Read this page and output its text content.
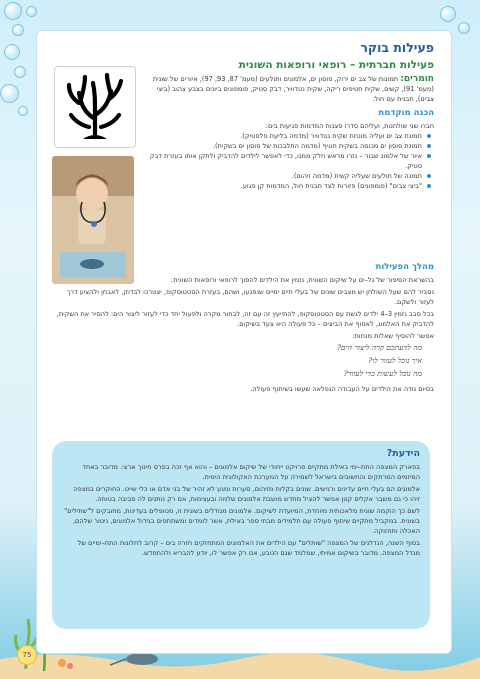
פעילות בוקר
פעילות חברתית – רופאי ורופאות השונית

חומרים: תמונות של צב ים ירוק, סוסון ים, אלמוגים ותולעים (מעמ' 87, 93, 97), איורים של שונית (מעמ' 91), קשים, שקית חטיפים ריקה, שקית נטדוויר, דבק סטיק, פומפונים ביונים בצבע צהוב (ביצי צבים), תבנית עם חול.

הכנה מוקדמת

חברו שני שולחנות, ועליהם סדרו סצנות המדמות פגיעות בים:

תמונת צב ים ועליה מונחת שקית נטדוויר (מדמה בליעת פלסטיק).
תמונת סוסון ים מכוסה בשקית חטיף (מדמה התלבכות של סוסון ים בשקית).
איור של אלמוג שבור – גזרו מראש חלק ממנו, כדי לאפשר לילדים להדביק ולתקן אותו בעזרת דבק סטיק.
תמונה של תולעים שעליה קשית (מדמה זיהום).
"ביצי צבים" (פומפונים) פזורות לצד תבנית חול, המדמות קן פגוע.
מהלך הפעילות

בהשראת הסיפור של גל–ים על שיקום השונית, נזמין את הילדים להפוך לרופאי ורופאות השונית.

נסביר להם שעל השולחן יש מצבים שונים של בעלי חיים ימיים שנפגעו, ושהם, בעזרת הסטטוסקופ, יצטרכו לבדוק, לאבחן ולהציע דרך לעזור ולשקם.

בכל סבב נזמין 3–4 ילדים לגשת עם הסטטוסקופ, להתייעץ זה עם זה, לבחור מקרה ולפעול יחד כדי לעזור ליצור הים: להסיר את השקית, להדביק את האלמוג, לאסוף את הביצים – כל פעולה היא צעד בשיקום.

אפשר להוסיף שאלות מנחות:

מה לדעתכם קרה ליצור הים?
איך נוכל לעזור לו?
מה נוכל לעשות כדי לעזור?

בסיום נודה את הילדים על העבודה הנפלאה שעשו בשיתוף פעולה.

הידעת?

בפארק המצפה התת–ימי באילת מתקיים פרויקט ייחודי של שיקום אלמוגים – והוא אף זכה בפרס חינוך ארצי. מדובר באחד המיזמים המרתקים והחשובים בישראל לשמירה על המערכת האקולוגית הימית.

אלמוגים הם בעלי חיים עדינים ורגישים. שונים בקלות מזיהום, סערות ומגע לא זהיר של בני אדם או כלי שייט. החוקרים במצפה זיהו כי גם משבר אקלים קטן אפשר להציל מחדש מושבת אלמוגים שלמה ובעצימות, אם רק נותנים לה סביבה בטוחה.

לשם כך הוקמה שונית מלאכותית מיוחדת, המיועדת לשיקום. אלמוגים מגודלים בשונית זו, מטופלים בעדינות, מחובקים ל"שתילים" בשונית. במקביל מתקיים שיתוף פעולה עם תלמידים מבתי ספר באילת, אשר לומדים ומשתתפים בגידול אלמוגים, ניטור שלהם, האכלה ותחזוקה.

בסוף השנה, הגדלנים של המצפה "שותלים" עם הילדים את האלמוגים המתחזקים חזרה בים – קרוב לחלונות התת–ימיים של מגדל המצפה. מדובר בשיקום אמיתי, שמלמד שגם הטבע, אם רק אפשר לו, יודע להבריא ולהתחדש.

75
